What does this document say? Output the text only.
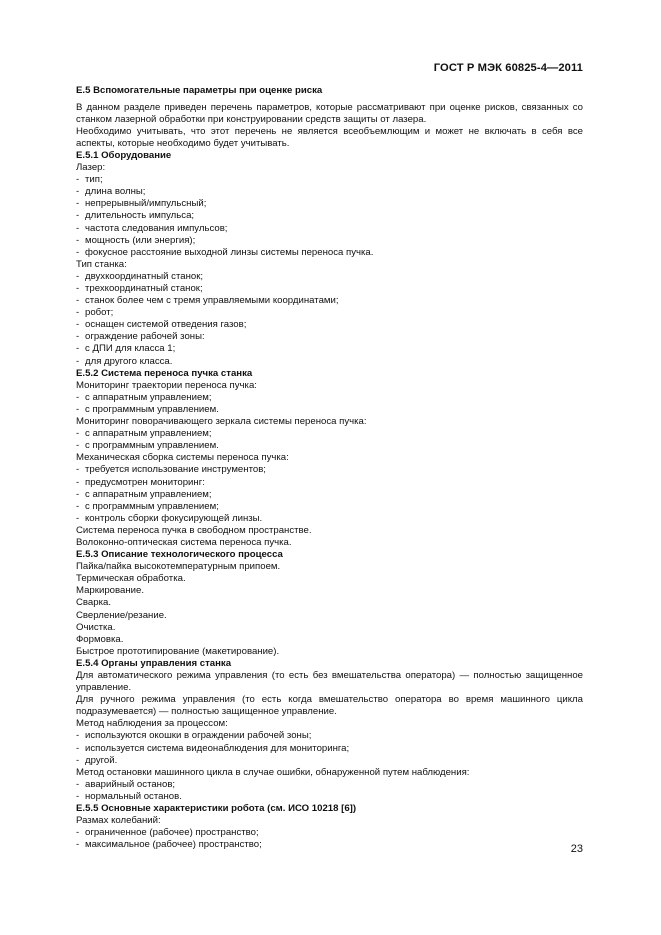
ГОСТ Р МЭК 60825-4—2011

Е.5 Вспомогательные параметры при оценке риска

В данном разделе приведен перечень параметров, которые рассматривают при оценке рисков, связанных со станком лазерной обработки при конструировании средств защиты от лазера.

Необходимо учитывать, что этот перечень не является всеобъемлющим и может не включать в себя все аспекты, которые необходимо будет учитывать.

Е.5.1 Оборудование

Лазер:

- тип;

- длина волны;

- непрерывный/импульсный;

- длительность импульса;

- частота следования импульсов;

- мощность (или энергия);

- фокусное расстояние выходной линзы системы переноса пучка.

Тип станка:

- двухкоординатный станок;

- трехкоординатный станок;

- станок более чем с тремя управляемыми координатами;

- робот;

- оснащен системой отведения газов;

- ограждение рабочей зоны:

- с ДПИ для класса 1;

- для другого класса.

Е.5.2 Система переноса пучка станка

Мониторинг траектории переноса пучка:

- с аппаратным управлением;

- с программным управлением.

Мониторинг поворачивающего зеркала системы переноса пучка:

- с аппаратным управлением;

- с программным управлением.

Механическая сборка системы переноса пучка:

- требуется использование инструментов;

- предусмотрен мониторинг:

- с аппаратным управлением;

- с программным управлением;

- контроль сборки фокусирующей линзы.

Система переноса пучка в свободном пространстве.

Волоконно-оптическая система переноса пучка.

Е.5.3 Описание технологического процесса

Пайка/пайка высокотемпературным припоем.

Термическая обработка.

Маркирование.

Сварка.

Сверление/резание.

Очистка.

Формовка.

Быстрое прототипирование (макетирование).

Е.5.4 Органы управления станка

Для автоматического режима управления (то есть без вмешательства оператора) — полностью защищенное управление.

Для ручного режима управления (то есть когда вмешательство оператора во время машинного цикла подразумевается) — полностью защищенное управление.

Метод наблюдения за процессом:

- используются окошки в ограждении рабочей зоны;

- используется система видеонаблюдения для мониторинга;

- другой.

Метод остановки машинного цикла в случае ошибки, обнаруженной путем наблюдения:

- аварийный останов;

- нормальный останов.

Е.5.5 Основные характеристики робота (см. ИСО 10218 [6])

Размах колебаний:

- ограниченное (рабочее) пространство;

- максимальное (рабочее) пространство;	23
